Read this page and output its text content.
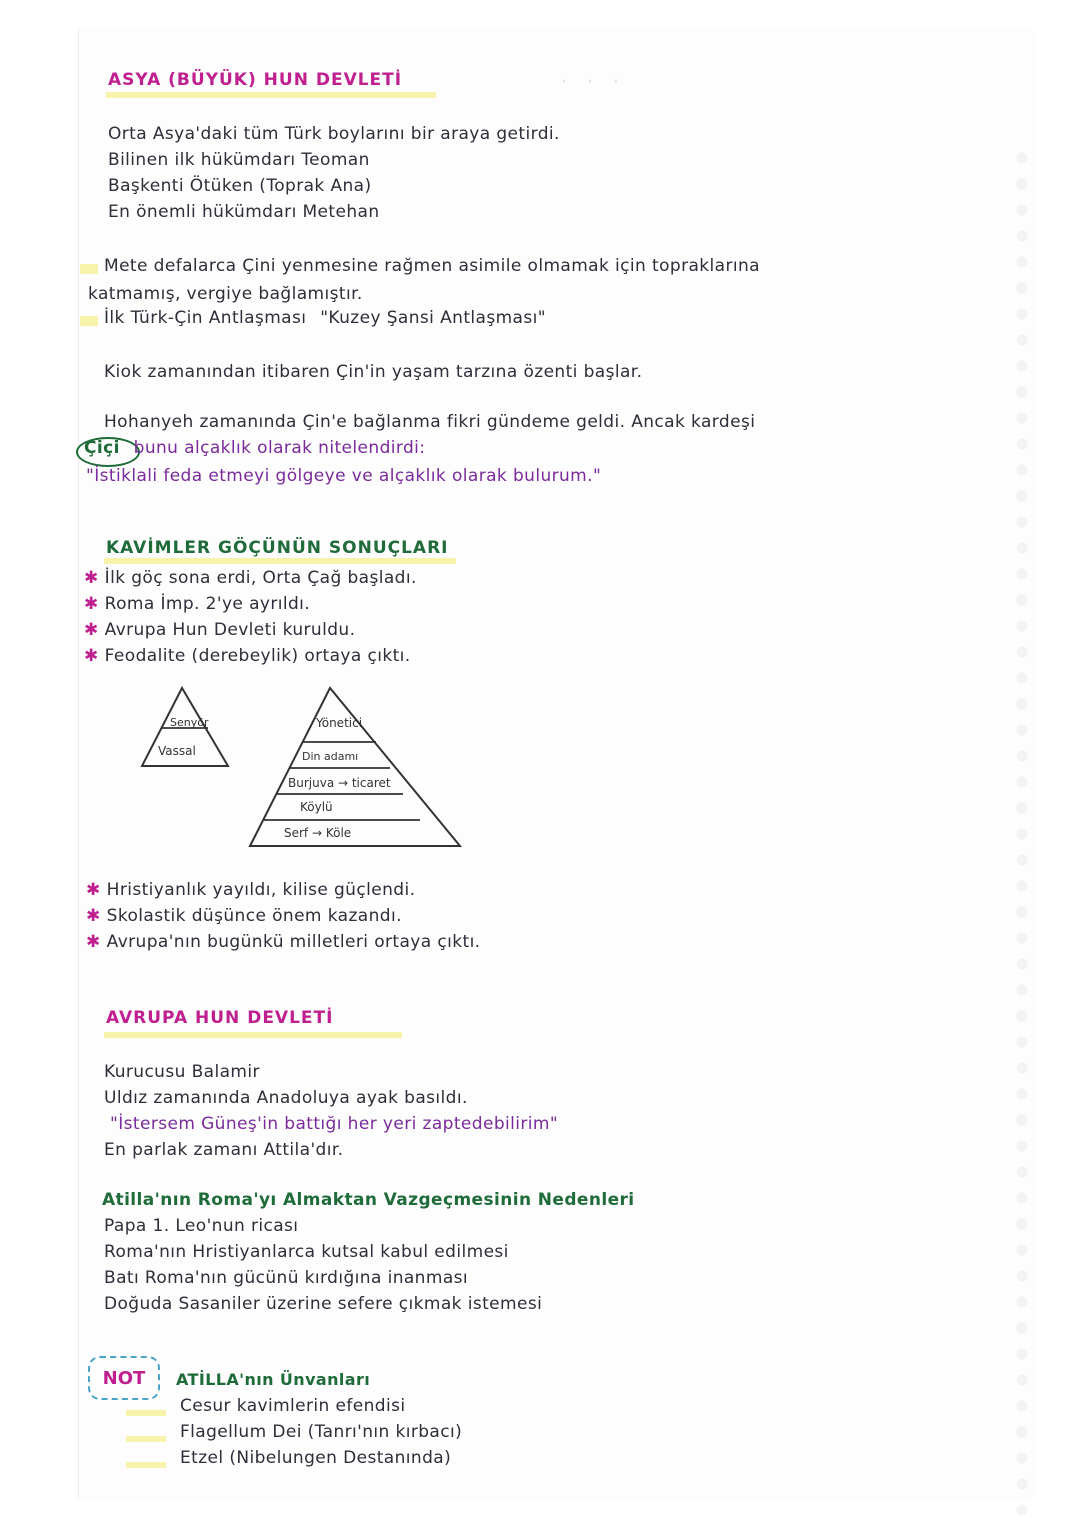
· · ·
ASYA (BÜYÜK) HUN DEVLETİ
Orta Asya'daki tüm Türk boylarını bir araya getirdi.
Bilinen ilk hükümdarı Teoman
Başkenti Ötüken (Toprak Ana)
En önemli hükümdarı Metehan
Mete defalarca Çini yenmesine rağmen asimile olmamak için topraklarına
katmamış, vergiye bağlamıştır.
İlk Türk-Çin Antlaşması "Kuzey Şansi Antlaşması"
Kiok zamanından itibaren Çin'in yaşam tarzına özenti başlar.
Hohanyeh zamanında Çin'e bağlanma fikri gündeme geldi. Ancak kardeşi
Çiçi bunu alçaklık olarak nitelendirdi:
"İstiklali feda etmeyi gölgeye ve alçaklık olarak bulurum."
KAVİMLER GÖÇÜNÜN SONUÇLARI
✱ İlk göç sona erdi, Orta Çağ başladı.
✱ Roma İmp. 2'ye ayrıldı.
✱ Avrupa Hun Devleti kuruldu.
✱ Feodalite (derebeylik) ortaya çıktı.
Senyör
Vassal
Yönetici
Din adamı
Burjuva → ticaret
Köylü
Serf → Köle
✱ Hristiyanlık yayıldı, kilise güçlendi.
✱ Skolastik düşünce önem kazandı.
✱ Avrupa'nın bugünkü milletleri ortaya çıktı.
AVRUPA HUN DEVLETİ
Kurucusu Balamir
Uldız zamanında Anadoluya ayak basıldı.
"İstersem Güneş'in battığı her yeri zaptedebilirim"
En parlak zamanı Attila'dır.
Atilla'nın Roma'yı Almaktan Vazgeçmesinin Nedenleri
Papa 1. Leo'nun ricası
Roma'nın Hristiyanlarca kutsal kabul edilmesi
Batı Roma'nın gücünü kırdığına inanması
Doğuda Sasaniler üzerine sefere çıkmak istemesi
NOT	ATİLLA'nın Ünvanları
Cesur kavimlerin efendisi
Flagellum Dei (Tanrı'nın kırbacı)
Etzel (Nibelungen Destanında)
